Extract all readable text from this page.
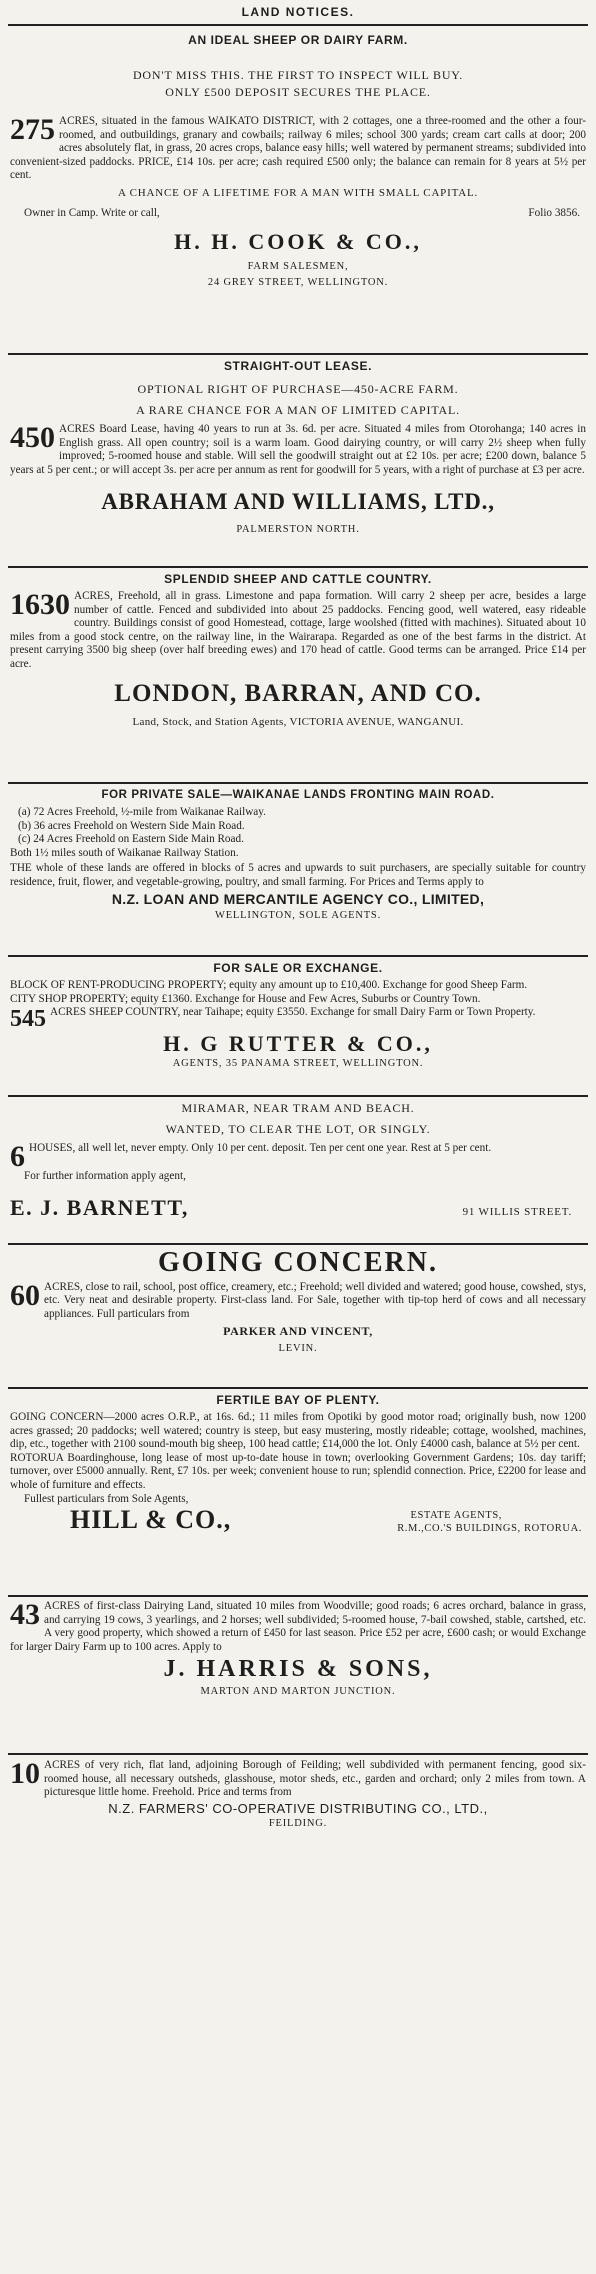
LAND NOTICES.
AN IDEAL SHEEP OR DAIRY FARM.
DON'T MISS THIS. THE FIRST TO INSPECT WILL BUY.
ONLY £500 DEPOSIT SECURES THE PLACE.
275 ACRES, situated in the famous WAIKATO DISTRICT, with 2 cottages, one a three-roomed and the other a four-roomed, and outbuildings, granary and cowbails; railway 6 miles; school 300 yards; cream cart calls at door; 200 acres absolutely flat, in grass, 20 acres crops, balance easy hills; well watered by permanent streams; subdivided into convenient-sized paddocks. PRICE, £14 10s. per acre; cash required £500 only; the balance can remain for 8 years at 5½ per cent.
A CHANCE OF A LIFETIME FOR A MAN WITH SMALL CAPITAL.
Owner in Camp. Write or call,	Folio 3856.
H. H. COOK & CO.,
FARM SALESMEN,
24 GREY STREET, WELLINGTON.
STRAIGHT-OUT LEASE.
OPTIONAL RIGHT OF PURCHASE—450-ACRE FARM.
A RARE CHANCE FOR A MAN OF LIMITED CAPITAL.
450 ACRES Board Lease, having 40 years to run at 3s. 6d. per acre. Situated 4 miles from Otorohanga; 140 acres in English grass. All open country; soil is a warm loam. Good dairying country, or will carry 2½ sheep when fully improved; 5-roomed house and stable. Will sell the goodwill straight out at £2 10s. per acre; £200 down, balance 5 years at 5 per cent.; or will accept 3s. per acre per annum as rent for goodwill for 5 years, with a right of purchase at £3 per acre.
ABRAHAM AND WILLIAMS, LTD.,
PALMERSTON NORTH.
SPLENDID SHEEP AND CATTLE COUNTRY.
1630 ACRES, Freehold, all in grass. Limestone and papa formation. Will carry 2 sheep per acre, besides a large number of cattle. Fenced and subdivided into about 25 paddocks. Fencing good, well watered, easy rideable country. Buildings consist of good Homestead, cottage, large woolshed (fitted with machines). Situated about 10 miles from a good stock centre, on the railway line, in the Wairarapa. Regarded as one of the best farms in the district. At present carrying 3500 big sheep (over half breeding ewes) and 170 head of cattle. Good terms can be arranged. Price £14 per acre.
LONDON, BARRAN, AND CO.
Land, Stock, and Station Agents, VICTORIA AVENUE, WANGANUI.
FOR PRIVATE SALE—WAIKANAE LANDS FRONTING MAIN ROAD.
(a) 72 Acres Freehold, ½-mile from Waikanae Railway.
(b) 36 acres Freehold on Western Side Main Road.
(c) 24 Acres Freehold on Eastern Side Main Road.
Both 1½ miles south of Waikanae Railway Station.
THE whole of these lands are offered in blocks of 5 acres and upwards to suit purchasers, are specially suitable for country residence, fruit, flower, and vegetable-growing, poultry, and small farming. For Prices and Terms apply to
N.Z. LOAN AND MERCANTILE AGENCY CO., LIMITED,
WELLINGTON, SOLE AGENTS.
FOR SALE OR EXCHANGE.
BLOCK OF RENT-PRODUCING PROPERTY; equity any amount up to £10,400. Exchange for good Sheep Farm.
CITY SHOP PROPERTY; equity £1360. Exchange for House and Few Acres, Suburbs or Country Town.
545 ACRES SHEEP COUNTRY, near Taihape; equity £3550. Exchange for small Dairy Farm or Town Property.
H. G RUTTER & CO.,
AGENTS, 35 PANAMA STREET, WELLINGTON.
MIRAMAR, NEAR TRAM AND BEACH.
WANTED, TO CLEAR THE LOT, OR SINGLY.
6 HOUSES, all well let, never empty. Only 10 per cent. deposit. Ten per cent one year. Rest at 5 per cent.
For further information apply agent,
E. J. BARNETT,	91 WILLIS STREET.
GOING CONCERN.
60 ACRES, close to rail, school, post office, creamery, etc.; Freehold; well divided and watered; good house, cowshed, stys, etc. Very neat and desirable property. First-class land. For Sale, together with tip-top herd of cows and all necessary appliances. Full particulars from
PARKER AND VINCENT,
LEVIN.
FERTILE BAY OF PLENTY.
GOING CONCERN—2000 acres O.R.P., at 16s. 6d.; 11 miles from Opotiki by good motor road; originally bush, now 1200 acres grassed; 20 paddocks; well watered; country is steep, but easy mustering, mostly rideable; cottage, woolshed, machines, dip, etc., together with 2100 sound-mouth big sheep, 100 head cattle; £14,000 the lot. Only £4000 cash, balance at 5½ per cent.
ROTORUA Boardinghouse, long lease of most up-to-date house in town; overlooking Government Gardens; 10s. day tariff; turnover, over £5000 annually. Rent, £7 10s. per week; convenient house to run; splendid connection. Price, £2200 for lease and whole of furniture and effects.
Fullest particulars from Sole Agents,
HILL & CO.,	ESTATE AGENTS,
R.M.,CO.'S BUILDINGS, ROTORUA.
43 ACRES of first-class Dairying Land, situated 10 miles from Woodville; good roads; 6 acres orchard, balance in grass, and carrying 19 cows, 3 yearlings, and 2 horses; well subdivided; 5-roomed house, 7-bail cowshed, stable, cartshed, etc. A very good property, which showed a return of £450 for last season. Price £52 per acre, £600 cash; or would Exchange for larger Dairy Farm up to 100 acres. Apply to
J. HARRIS & SONS,
MARTON AND MARTON JUNCTION.
10 ACRES of very rich, flat land, adjoining Borough of Feilding; well subdivided with permanent fencing, good six-roomed house, all necessary outsheds, glasshouse, motor sheds, etc., garden and orchard; only 2 miles from town. A picturesque little home. Freehold. Price and terms from
N.Z. FARMERS' CO-OPERATIVE DISTRIBUTING CO., LTD.,
FEILDING.
